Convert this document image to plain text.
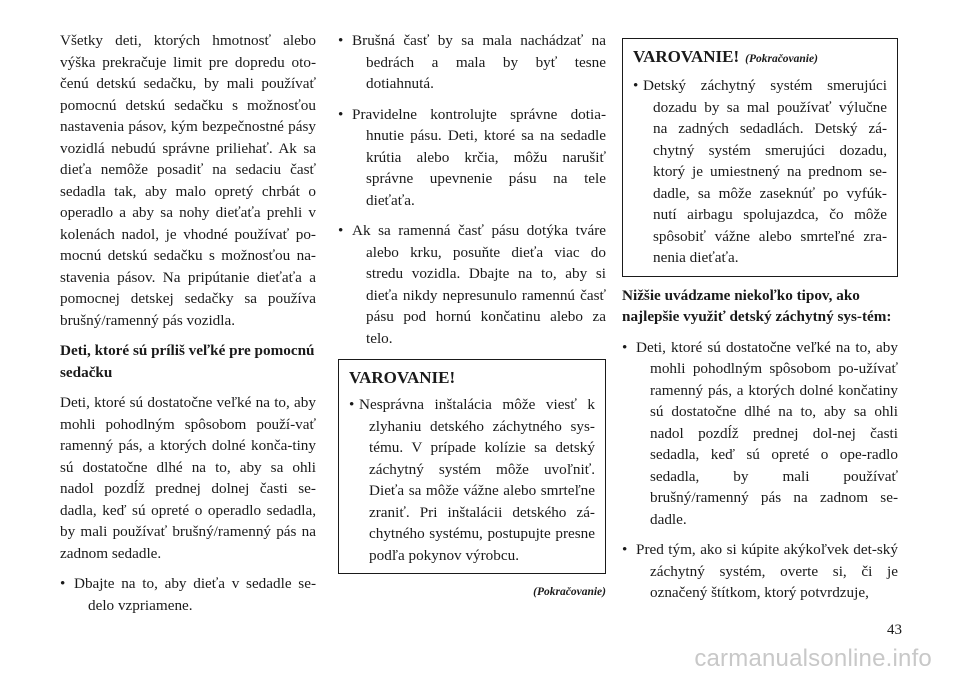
Všetky deti, ktorých hmotnosť alebo výška prekračuje limit pre dopredu oto-čenú detskú sedačku, by mali používať pomocnú detskú sedačku s možnosťou nastavenia pásov, kým bezpečnostné pásy vozidlá nebudú správne priliehať. Ak sa dieťa nemôže posadiť na sedaciu časť sedadla tak, aby malo opretý chrbát o operadlo a aby sa nohy dieťaťa prehli v kolenách nadol, je vhodné používať po-mocnú detskú sedačku s možnosťou na-stavenia pásov. Na pripútanie dieťaťa a pomocnej detskej sedačky sa používa brušný/ramenný pás vozidla.

Deti, ktoré sú príliš veľké pre pomocnú sedačku

Deti, ktoré sú dostatočne veľké na to, aby mohli pohodlným spôsobom použí-vať ramenný pás, a ktorých dolné konča-tiny sú dostatočne dlhé na to, aby sa ohli nadol pozdĺž prednej dolnej časti se-dadla, keď sú opreté o operadlo sedadla, by mali používať brušný/ramenný pás na zadnom sedadle.

• Dbajte na to, aby dieťa v sedadle se-delo vzpriamene.
• Brušná časť by sa mala nachádzať na bedrách a mala by byť tesne dotiahnutá.
• Pravidelne kontrolujte správne dotia-hnutie pásu. Deti, ktoré sa na sedadle krútia alebo krčia, môžu narušiť správne upevnenie pásu na tele dieťaťa.
• Ak sa ramenná časť pásu dotýka tváre alebo krku, posuňte dieťa viac do stredu vozidla. Dbajte na to, aby si dieťa nikdy nepresunulo ramennú časť pásu pod hornú končatinu alebo za telo.
VAROVANIE!
• Nesprávna inštalácia môže viesť k zlyhaniu detského záchytného sys-tému. V prípade kolízie sa detský záchytný systém môže uvoľniť. Dieťa sa môže vážne alebo smrteľne zraniť. Pri inštalácii detského zá-chytného systému, postupujte presne podľa pokynov výrobcu.
(Pokračovanie)
VAROVANIE! (Pokračovanie)
• Detský záchytný systém smerujúci dozadu by sa mal používať výlučne na zadných sedadlách. Detský zá-chytný systém smerujúci dozadu, ktorý je umiestnený na prednom se-dadle, sa môže zaseknúť po vyfúk-nutí airbagu spolujazdca, čo môže spôsobiť vážne alebo smrteľné zra-nenia dieťaťa.

Nižšie uvádzame niekoľko tipov, ako najlepšie využiť detský záchytný sys-tém:

• Deti, ktoré sú dostatočne veľké na to, aby mohli pohodlným spôsobom po-užívať ramenný pás, a ktorých dolné končatiny sú dostatočne dlhé na to, aby sa ohli nadol pozdĺž prednej dol-nej časti sedadla, keď sú opreté o ope-radlo sedadla, by mali používať brušný/ramenný pás na zadnom se-dadle.
• Pred tým, ako si kúpite akýkoľvek det-ský záchytný systém, overte si, či je označený štítkom, ktorý potvrdzuje,
43
carmanualsonline.info
